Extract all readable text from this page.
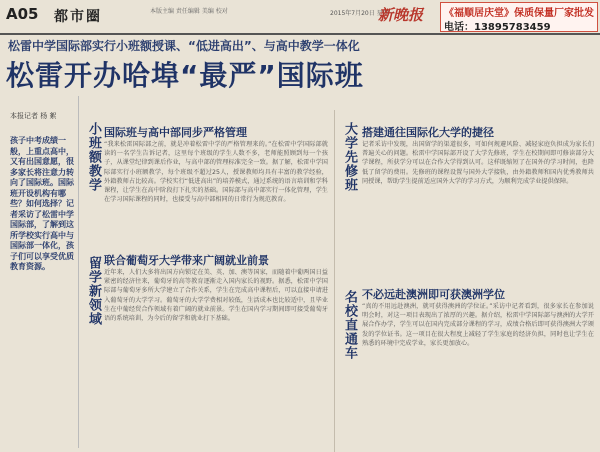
A05 都市圈	本版主编 责任编辑 美编 校对	2015年7月20日 星期一
新晚报 《福顺居庆堂》保质保量厂家批发
电话：13895783459
松雷中学国际部实行小班额授课、“低进高出”、与高中教学一体化
松雷开办哈埠“最严”国际班
本报记者 杨 絮
孩子中考成绩一般，上重点高中，又有出国意愿，很多家长将注意力转向了国际班。国际班开设机构有哪些？如何选择？记者采访了松雷中学国际部，了解到这所学校实行高中与国际部一体化，孩子们可以享受优质教育资源。
小班额教学 国际班与高中部同步严格管理
“我来松雷国际部之前，就是冲着松雷中学的严格管理来的。”在松雷中学国际部就读的一名学生告诉记者，这里每个班级的学生人数不多，老师能照顾到每一个孩子，从课堂纪律到课后作业，与高中部的管理标准完全一致。据了解，松雷中学国际部实行小班额教学，每个班级不超过25人，授课教师均具有丰富的教学经验，外籍教师占比较高。学校实行“低进高出”的培养模式，通过系统的语言培训和学科课程，让学生在高中阶段打下扎实的基础。国际部与高中部实行一体化管理，学生在学习国际课程的同时，也接受与高中部相同的日常行为规范教育。
留学新领域 联合葡萄牙大学带来广阔就业前景
近年来，人们大多将出国方向锁定在美、英、加、澳等国家，而随着中葡两国日益紧密的经济往来，葡萄牙的高等教育逐渐走入国内家长的视野。据悉，松雷中学国际部与葡萄牙多所大学建立了合作关系，学生在完成高中课程后，可以直接申请进入葡萄牙的大学学习。葡萄牙的大学学费相对较低，生活成本也比较适中，且毕业生在中葡经贸合作领域有着广阔的就业前景。学生在国内学习期间即可接受葡萄牙语的系统培训，为今后的留学和就业打下基础。
大学先修班 搭建通往国际化大学的捷径
记者采访中发现，出国留学的渠道很多，可如何规避风险、减轻家庭负担成为家长们普遍关心的问题。松雷中学国际部开设了大学先修班，学生在校期间即可修读部分大学课程，所获学分可以在合作大学得到认可。这样既缩短了在国外的学习时间，也降低了留学的费用。先修班的课程设置与国外大学接轨，由外籍教师和国内优秀教师共同授课，帮助学生提前适应国外大学的学习方式，为顺利完成学业提供保障。
名校直通车 不必远赴澳洲即可获澳洲学位
“真的不用远赴澳洲，就可获得澳洲的学位证。”采访中记者看到，很多家长在参加说明会时，对这一项目表现出了浓厚的兴趣。据介绍，松雷中学国际部与澳洲的大学开展合作办学，学生可以在国内完成部分课程的学习，成绩合格后即可获得澳洲大学颁发的学位证书。这一项目在很大程度上减轻了学生家庭的经济负担，同时也让学生在熟悉的环境中完成学业，家长更加放心。
